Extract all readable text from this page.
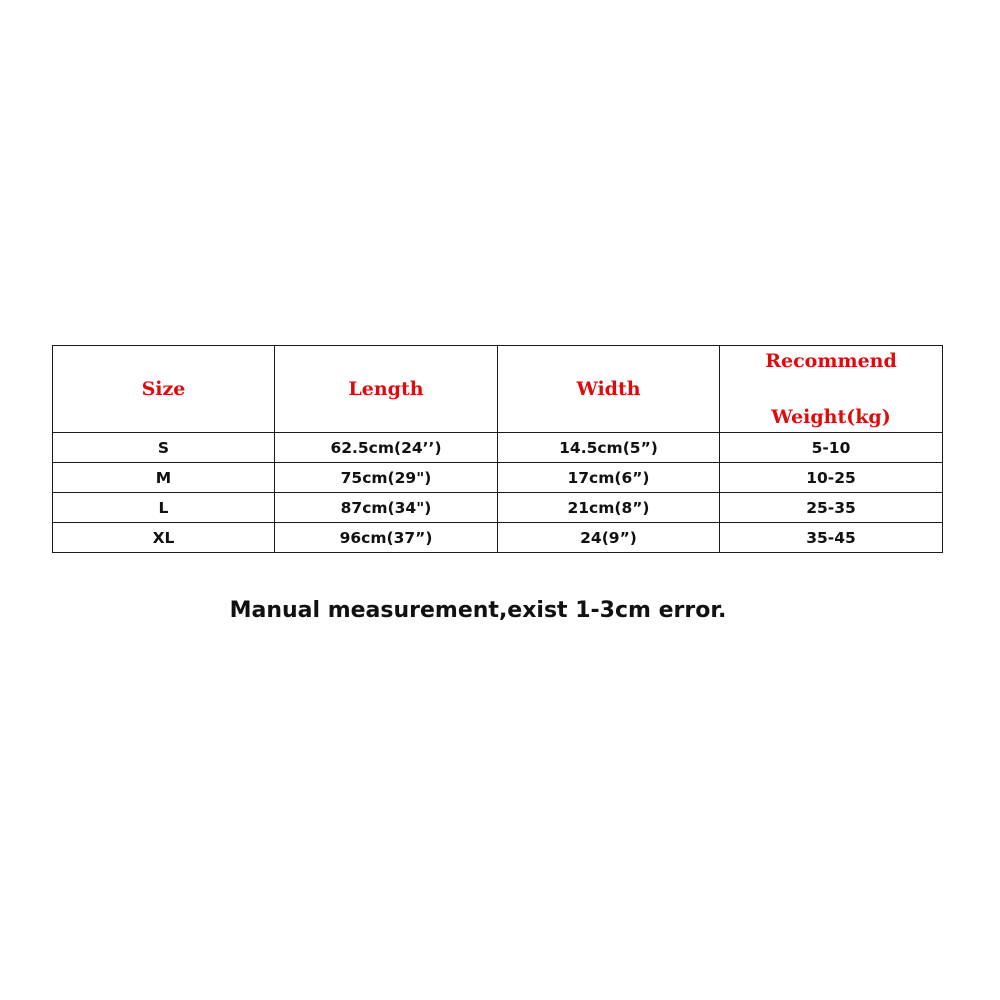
Size	Length	Width	Recommend
Weight(kg)

S	62.5cm(24’’)	14.5cm(5”)	5-10
M	75cm(29")	17cm(6”)	10-25
L	87cm(34")	21cm(8”)	25-35
XL	96cm(37”)	24(9”)	35-45
Manual measurement,exist 1-3cm error.
